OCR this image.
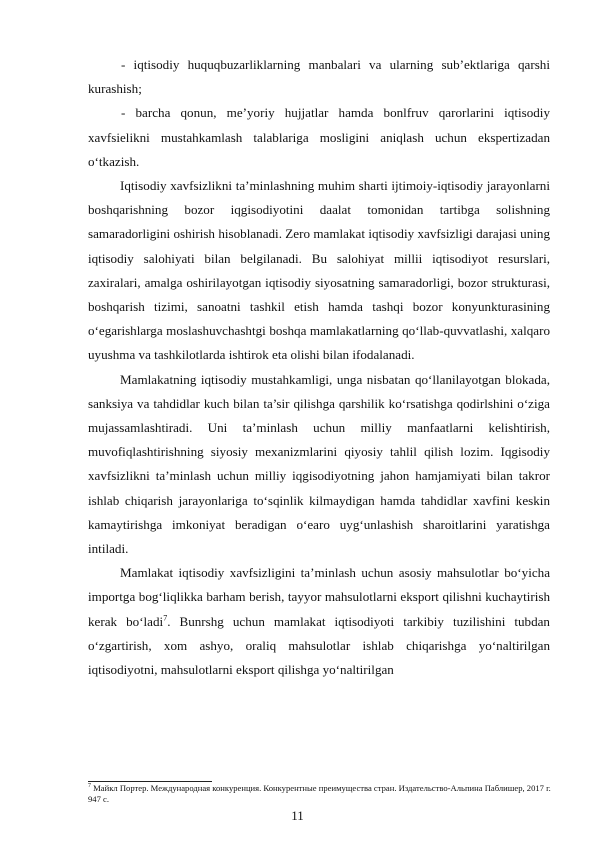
- iqtisodiy huquqbuzarliklarning manbalari va ularning sub’ektlariga qarshi kurashish;

- barcha qonun, me’yoriy hujjatlar hamda bonlfruv qarorlarini iqtisodiy xavfsielikni mustahkamlash talablariga mosligini aniqlash uchun ekspertizadan o‘tkazish.

Iqtisodiy xavfsizlikni ta’minlashning muhim sharti ijtimoiy-iqtisodiy jarayonlarni boshqarishning bozor iqgisodiyotini daalat tomonidan tartibga solishning samaradorligini oshirish hisoblanadi. Zero mamlakat iqtisodiy xavfsizligi darajasi uning iqtisodiy salohiyati bilan belgilanadi. Bu salohiyat millii iqtisodiyot resurslari, zaxiralari, amalga oshirilayotgan iqtisodiy siyosatning samaradorligi, bozor strukturasi, boshqarish tizimi, sanoatni tashkil etish hamda tashqi bozor konyunkturasining o‘egarishlarga moslashuvchashtgi boshqa mamlakatlarning qo‘llab-quvvatlashi, xalqaro uyushma va tashkilotlarda ishtirok eta olishi bilan ifodalanadi.

Mamlakatning iqtisodiy mustahkamligi, unga nisbatan qo‘llanilayotgan blokada, sanksiya va tahdidlar kuch bilan ta’sir qilishga qarshilik ko‘rsatishga qodirlshini o‘ziga mujassamlashtiradi. Uni ta’minlash uchun milliy manfaatlarni kelishtirish, muvofiqlashtirishning siyosiy mexanizmlarini qiyosiy tahlil qilish lozim. Iqgisodiy xavfsizlikni ta’minlash uchun milliy iqgisodiyotning jahon hamjamiyati bilan takror ishlab chiqarish jarayonlariga to‘sqinlik kilmaydigan hamda tahdidlar xavfini keskin kamaytirishga imkoniyat beradigan o‘earo uyg‘unlashish sharoitlarini yaratishga intiladi.

Mamlakat iqtisodiy xavfsizligini ta’minlash uchun asosiy mahsulotlar bo‘yicha importga bog‘liqlikka barham berish, tayyor mahsulotlarni eksport qilishni kuchaytirish kerak bo‘ladi$^7$. Bunrshg uchun mamlakat iqtisodiyoti tarkibiy tuzilishini tubdan o‘zgartirish, xom ashyo, oraliq mahsulotlar ishlab chiqarishga yo‘naltirilgan iqtisodiyotni, mahsulotlarni eksport qilishga yo‘naltirilgan

$^7$ Майкл Портер. Международная конкуренция. Конкурентные преимущества стран. Издательство-Альпина Паблишер, 2017 г. 947 с.
11
